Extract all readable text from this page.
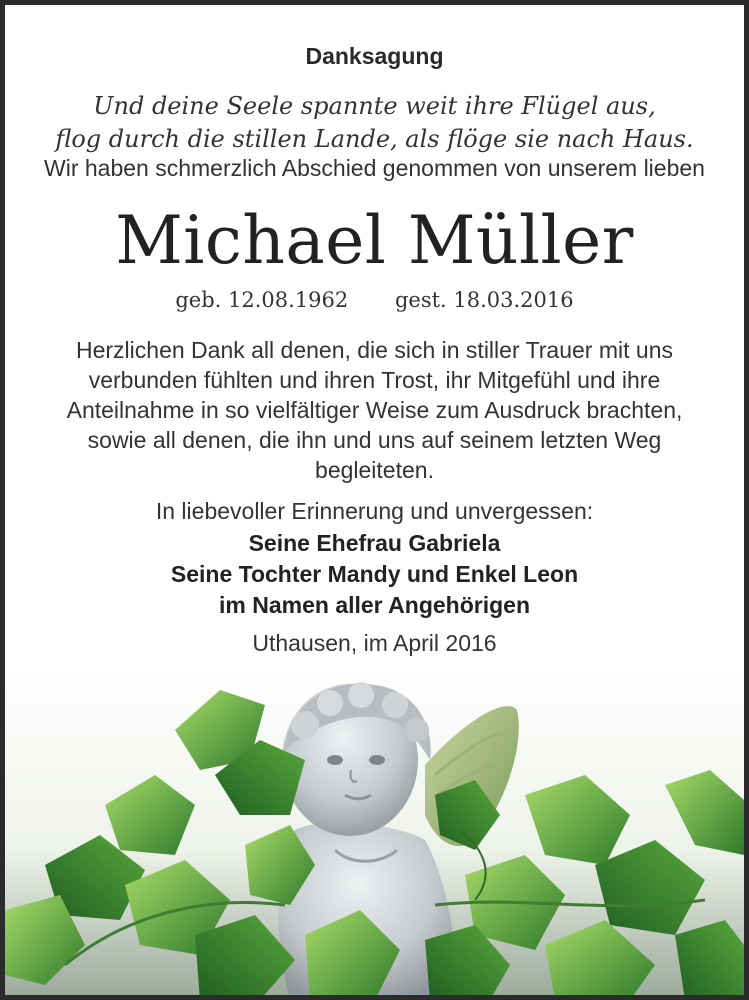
Danksagung
Und deine Seele spannte weit ihre Flügel aus,
flog durch die stillen Lande, als flöge sie nach Haus.
Wir haben schmerzlich Abschied genommen von unserem lieben
Michael Müller
geb. 12.08.1962 gest. 18.03.2016
Herzlichen Dank all denen, die sich in stiller Trauer mit uns
verbunden fühlten und ihren Trost, ihr Mitgefühl und ihre
Anteilnahme in so vielfältiger Weise zum Ausdruck brachten,
sowie all denen, die ihn und uns auf seinem letzten Weg
begleiteten.
In liebevoller Erinnerung und unvergessen:
Seine Ehefrau Gabriela
Seine Tochter Mandy und Enkel Leon
im Namen aller Angehörigen
Uthausen, im April 2016
